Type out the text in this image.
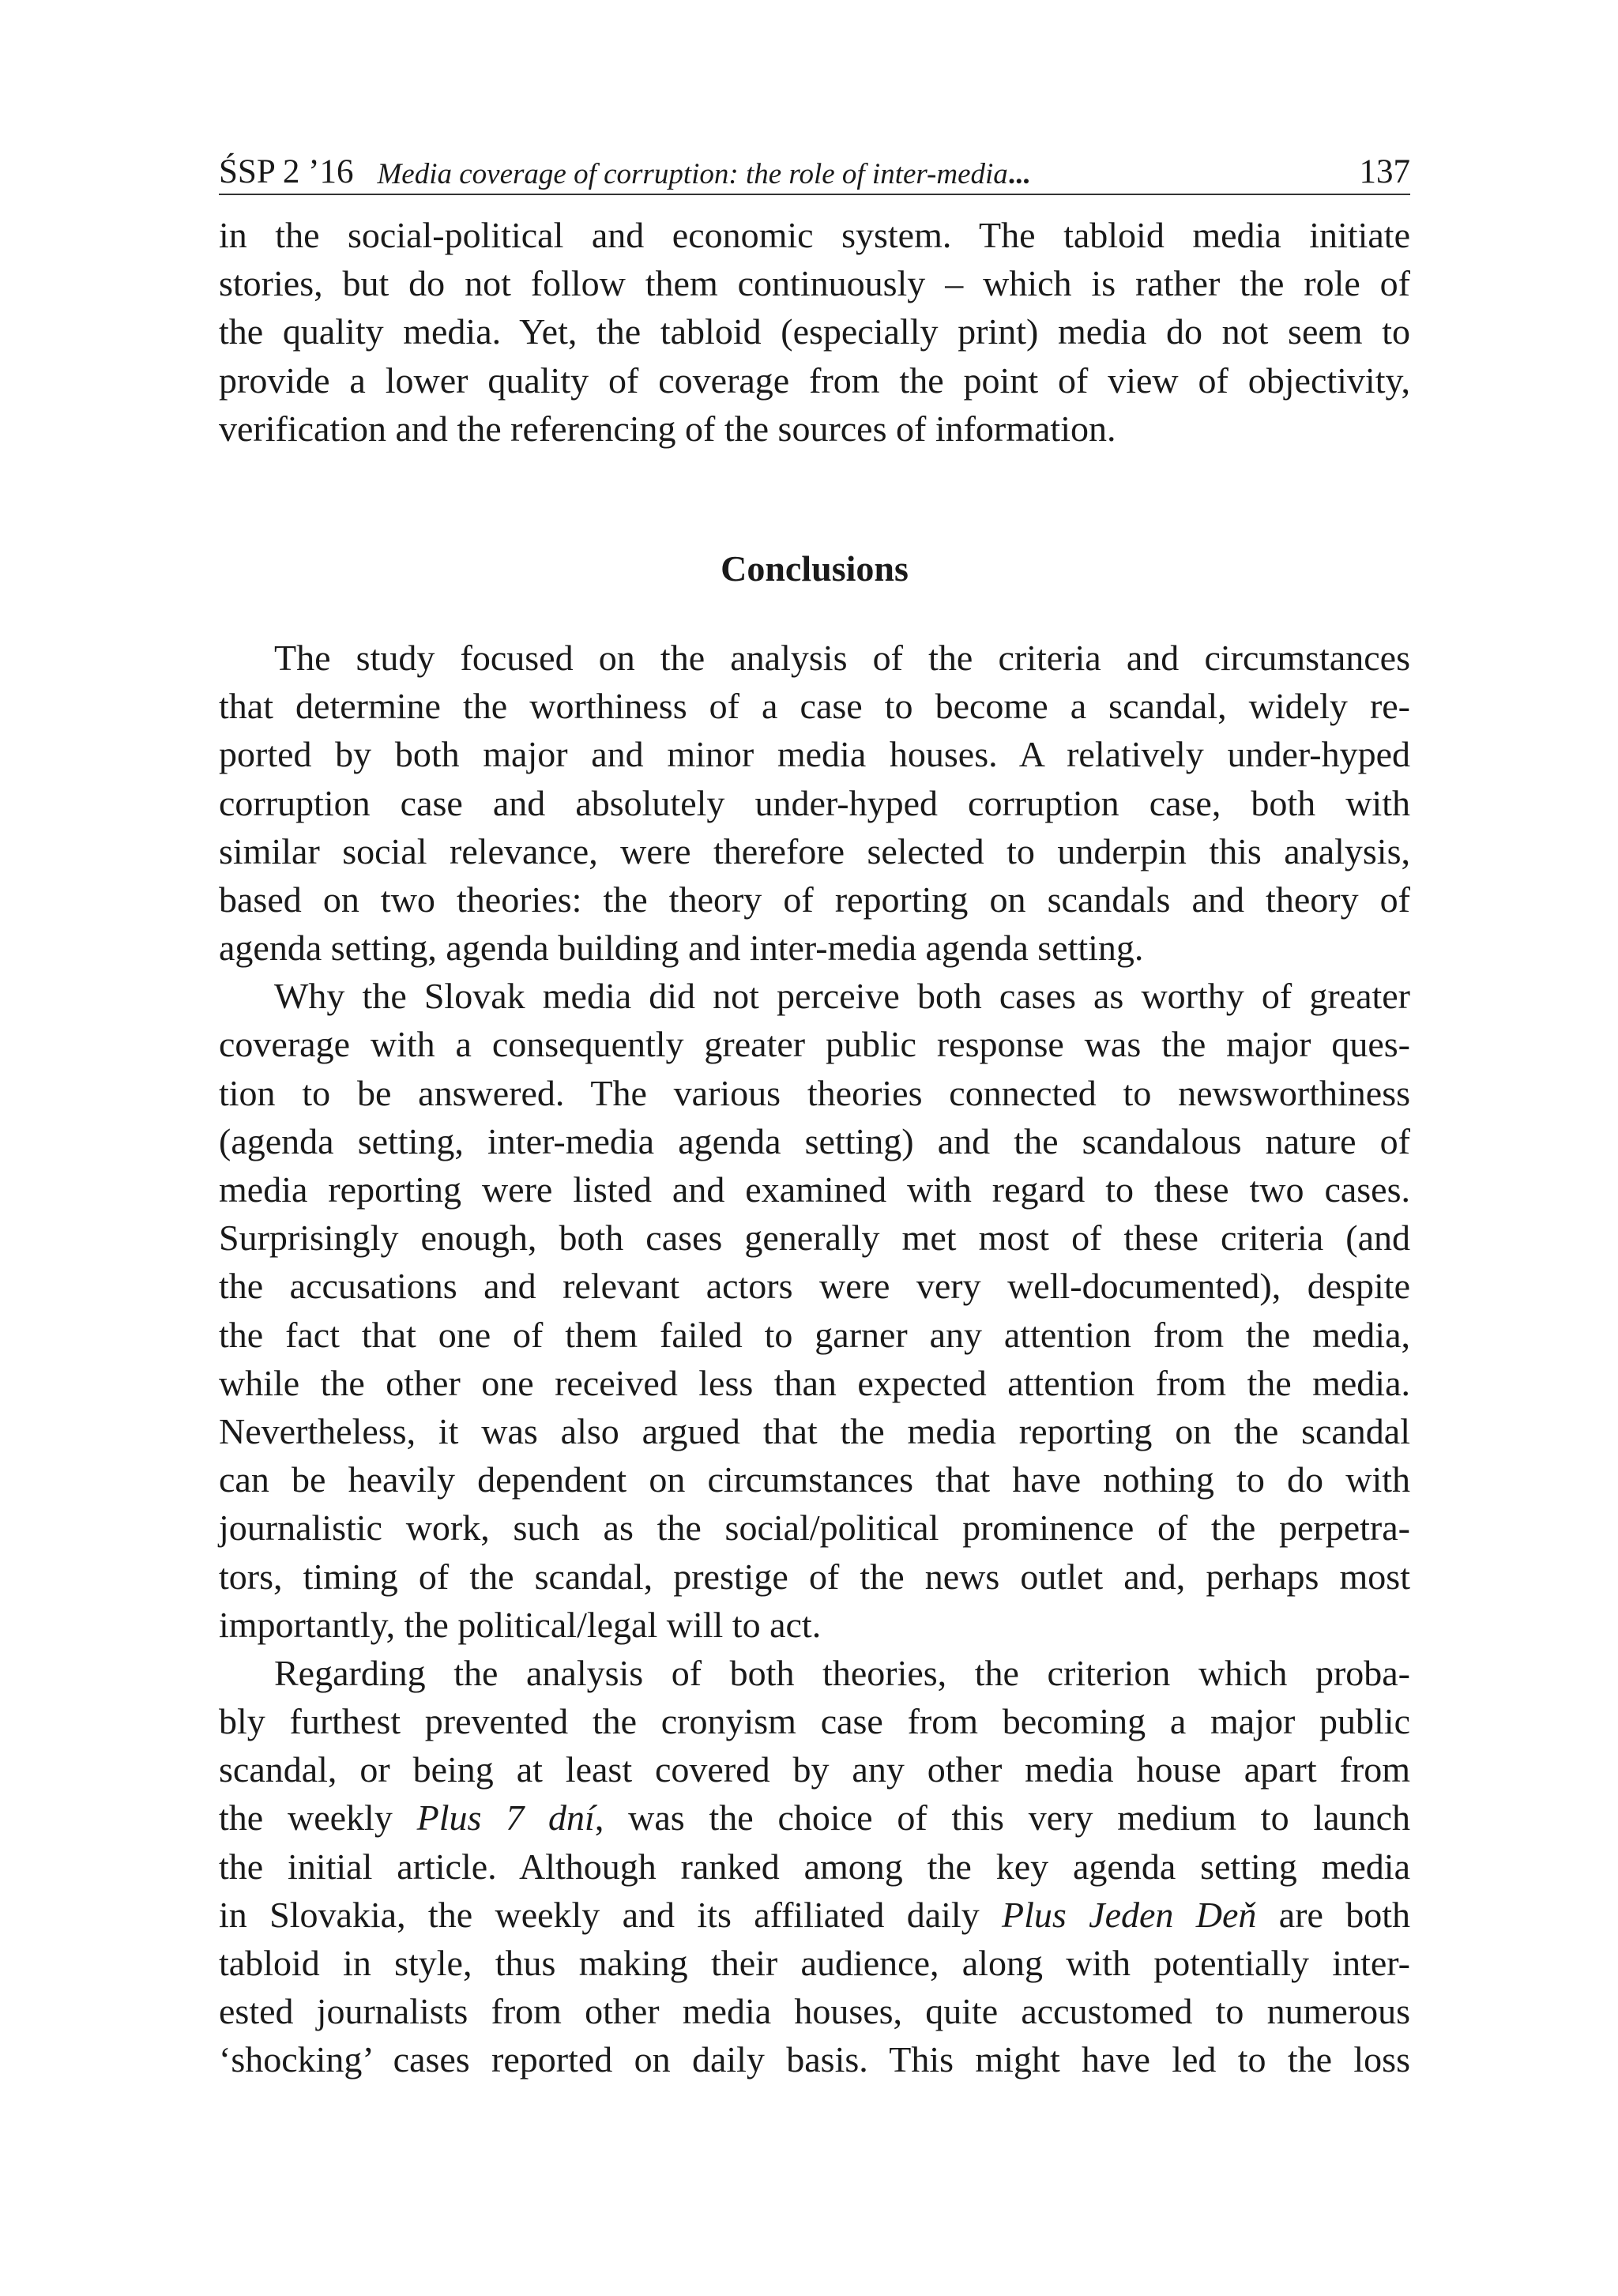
ŚSP 2 ’16 Media coverage of corruption: the role of inter-media...	137
in the social-political and economic system. The tabloid media initiate
stories, but do not follow them continuously – which is rather the role of
the quality media. Yet, the tabloid (especially print) media do not seem to
provide a lower quality of coverage from the point of view of objectivity,
verification and the referencing of the sources of information.
Conclusions
The study focused on the analysis of the criteria and circumstances
that determine the worthiness of a case to become a scandal, widely re-
ported by both major and minor media houses. A relatively under-hyped
corruption case and absolutely under-hyped corruption case, both with
similar social relevance, were therefore selected to underpin this analysis,
based on two theories: the theory of reporting on scandals and theory of
agenda setting, agenda building and inter-media agenda setting.
Why the Slovak media did not perceive both cases as worthy of greater
coverage with a consequently greater public response was the major ques-
tion to be answered. The various theories connected to newsworthiness
(agenda setting, inter-media agenda setting) and the scandalous nature of
media reporting were listed and examined with regard to these two cases.
Surprisingly enough, both cases generally met most of these criteria (and
the accusations and relevant actors were very well-documented), despite
the fact that one of them failed to garner any attention from the media,
while the other one received less than expected attention from the media.
Nevertheless, it was also argued that the media reporting on the scandal
can be heavily dependent on circumstances that have nothing to do with
journalistic work, such as the social/political prominence of the perpetra-
tors, timing of the scandal, prestige of the news outlet and, perhaps most
importantly, the political/legal will to act.
Regarding the analysis of both theories, the criterion which proba-
bly furthest prevented the cronyism case from becoming a major public
scandal, or being at least covered by any other media house apart from
the weekly Plus 7 dní, was the choice of this very medium to launch
the initial article. Although ranked among the key agenda setting media
in Slovakia, the weekly and its affiliated daily Plus Jeden Deň are both
tabloid in style, thus making their audience, along with potentially inter-
ested journalists from other media houses, quite accustomed to numerous
‘shocking’ cases reported on daily basis. This might have led to the loss
